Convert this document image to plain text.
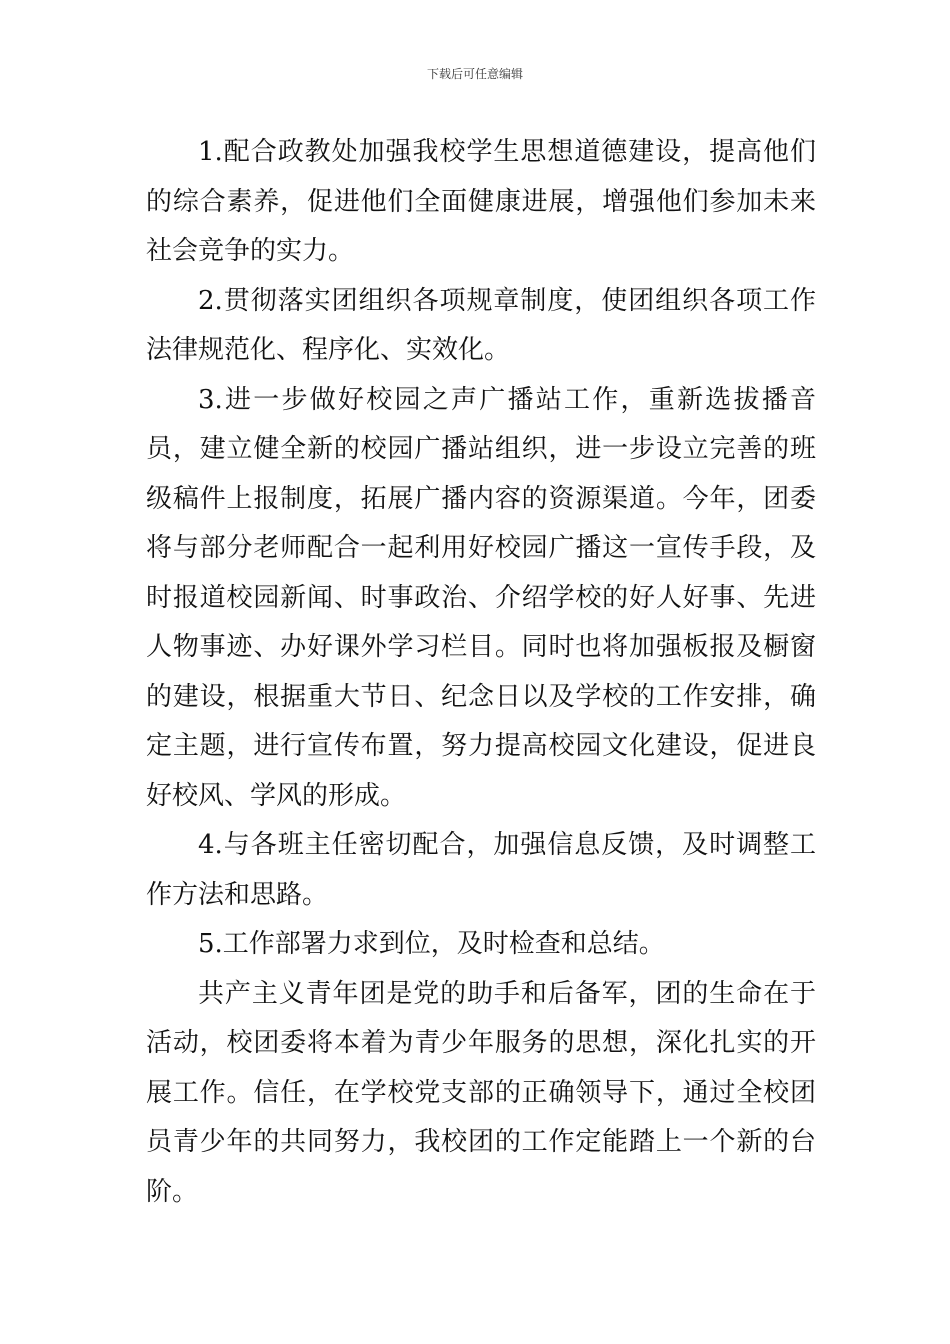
下载后可任意编辑

1.配合政教处加强我校学生思想道德建设，提高他们的综合素养，促进他们全面健康进展，增强他们参加未来社会竞争的实力。

2.贯彻落实团组织各项规章制度，使团组织各项工作法律规范化、程序化、实效化。

3.进一步做好校园之声广播站工作，重新选拔播音员，建立健全新的校园广播站组织，进一步设立完善的班级稿件上报制度，拓展广播内容的资源渠道。今年，团委将与部分老师配合一起利用好校园广播这一宣传手段，及时报道校园新闻、时事政治、介绍学校的好人好事、先进人物事迹、办好课外学习栏目。同时也将加强板报及橱窗的建设，根据重大节日、纪念日以及学校的工作安排，确定主题，进行宣传布置，努力提高校园文化建设，促进良好校风、学风的形成。

4.与各班主任密切配合，加强信息反馈，及时调整工作方法和思路。

5.工作部署力求到位，及时检查和总结。

共产主义青年团是党的助手和后备军，团的生命在于活动，校团委将本着为青少年服务的思想，深化扎实的开展工作。信任，在学校党支部的正确领导下，通过全校团员青少年的共同努力，我校团的工作定能踏上一个新的台阶。
